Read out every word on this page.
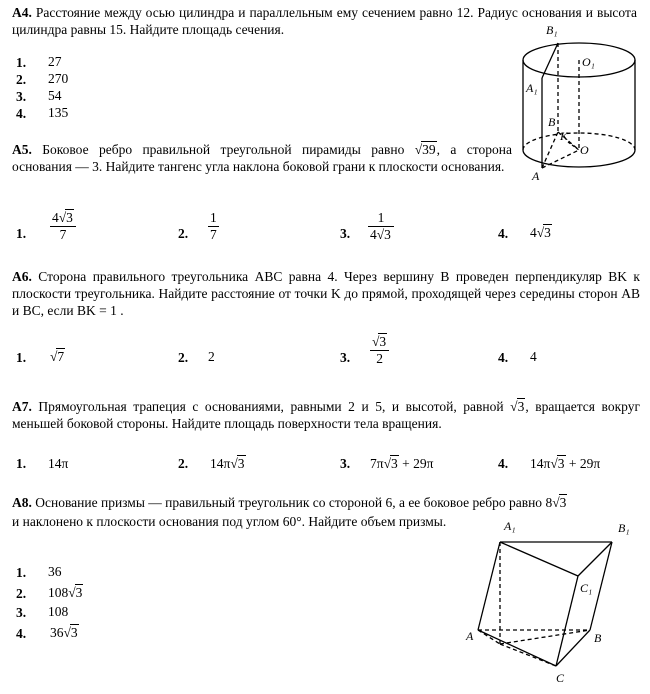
А4. Расстояние между осью цилиндра и параллельным ему сечением равно 12. Радиус основания и высота цилиндра равны 15. Найдите площадь сечения.
1. 27
2. 270
3. 54
4. 135
B₁
O₁
A₁
B
K
O
A
А5. Боковое ребро правильной треугольной пирамиды равно √39, а сторона основания — 3. Найдите тангенс угла наклона боковой грани к плоскости основания.
1. $\frac{4√3}{7}$	2. $\frac{1}{7}$	3. $\frac{1}{4√3}$	4. 4√3
А6. Сторона правильного треугольника ABC равна 4. Через вершину B проведен перпендикуляр BK к плоскости треугольника. Найдите расстояние от точки K до прямой, проходящей через середины сторон AB и BC, если BK = 1 .
1. √7	2. 2	3. $\frac{√3}{2}$	4. 4
А7. Прямоугольная трапеция с основаниями, равными 2 и 5, и высотой, равной √3, вращается вокруг меньшей боковой стороны. Найдите площадь поверхности тела вращения.
1. 14π	2. 14π√3	3. 7π√3 + 29π	4. 14π√3 + 29π
А8. Основание призмы — правильный треугольник со стороной 6, а ее боковое ребро равно 8√3
и наклонено к плоскости основания под углом 60°. Найдите объем призмы.
1. 36
2. 108√3
3. 108
4. 36√3
A₁	B₁
C₁
A	B
C
